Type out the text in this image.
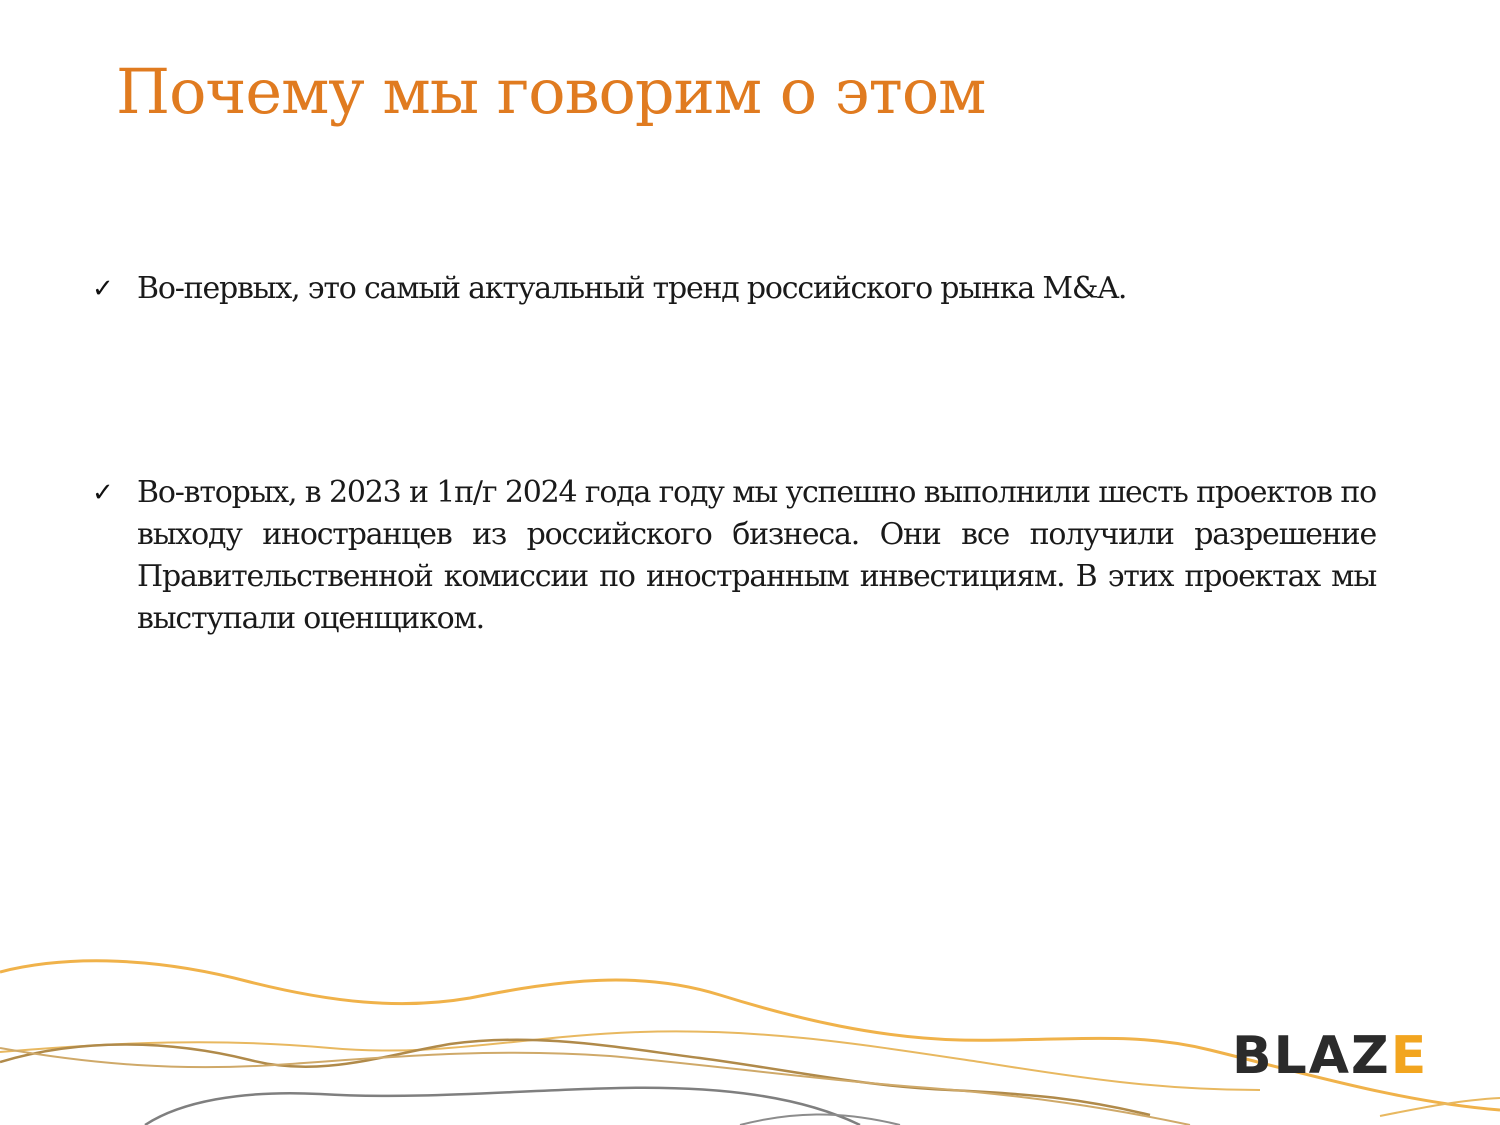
Почему мы говорим о этом
✓ Во-первых, это самый актуальный тренд российского рынка M&A.
✓ Во-вторых, в 2023 и 1п/г 2024 года году мы успешно выполнили шесть проектов по выходу иностранцев из российского бизнеса. Они все получили разрешение Правительственной комиссии по иностранным инвестициям. В этих проектах мы выступали оценщиком.
BLAZE
